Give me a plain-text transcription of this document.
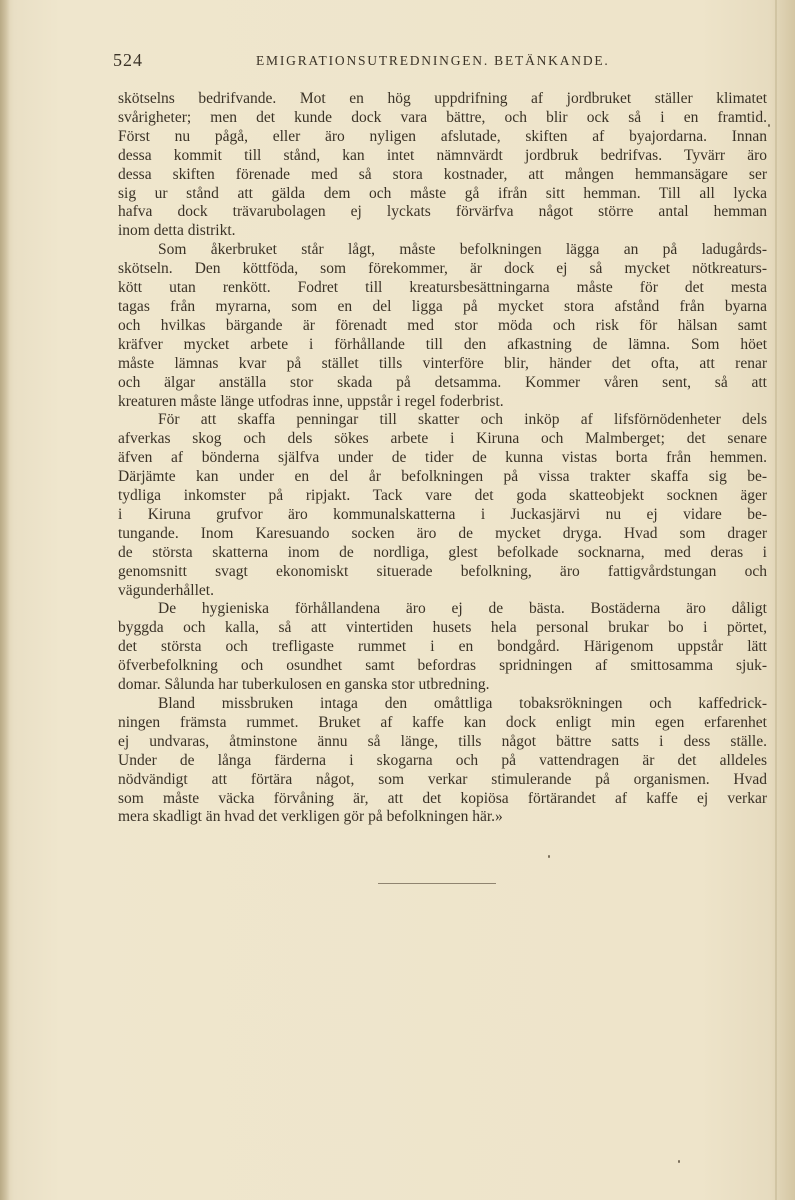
524	EMIGRATIONSUTREDNINGEN. BETÄNKANDE.
skötselns bedrifvande. Mot en hög uppdrifning af jordbruket ställer klimatet
svårigheter; men det kunde dock vara bättre, och blir ock så i en framtid.
Först nu pågå, eller äro nyligen afslutade, skiften af byajordarna. Innan
dessa kommit till stånd, kan intet nämnvärdt jordbruk bedrifvas. Tyvärr äro
dessa skiften förenade med så stora kostnader, att mången hemmansägare ser
sig ur stånd att gälda dem och måste gå ifrån sitt hemman. Till all lycka
hafva dock trävarubolagen ej lyckats förvärfva något större antal hemman
inom detta distrikt.
Som åkerbruket står lågt, måste befolkningen lägga an på ladugårds-
skötseln. Den köttföda, som förekommer, är dock ej så mycket nötkreaturs-
kött utan renkött. Fodret till kreatursbesättningarna måste för det mesta
tagas från myrarna, som en del ligga på mycket stora afstånd från byarna
och hvilkas bärgande är förenadt med stor möda och risk för hälsan samt
kräfver mycket arbete i förhållande till den afkastning de lämna. Som höet
måste lämnas kvar på stället tills vinterföre blir, händer det ofta, att renar
och älgar anställa stor skada på detsamma. Kommer våren sent, så att
kreaturen måste länge utfodras inne, uppstår i regel foderbrist.
För att skaffa penningar till skatter och inköp af lifsförnödenheter dels
afverkas skog och dels sökes arbete i Kiruna och Malmberget; det senare
äfven af bönderna själfva under de tider de kunna vistas borta från hemmen.
Därjämte kan under en del år befolkningen på vissa trakter skaffa sig be-
tydliga inkomster på ripjakt. Tack vare det goda skatteobjekt socknen äger
i Kiruna grufvor äro kommunalskatterna i Juckasjärvi nu ej vidare be-
tungande. Inom Karesuando socken äro de mycket dryga. Hvad som drager
de största skatterna inom de nordliga, glest befolkade socknarna, med deras i
genomsnitt svagt ekonomiskt situerade befolkning, äro fattigvårdstungan och
vägunderhållet.
De hygieniska förhållandena äro ej de bästa. Bostäderna äro dåligt
byggda och kalla, så att vintertiden husets hela personal brukar bo i pörtet,
det största och trefligaste rummet i en bondgård. Härigenom uppstår lätt
öfverbefolkning och osundhet samt befordras spridningen af smittosamma sjuk-
domar. Sålunda har tuberkulosen en ganska stor utbredning.
Bland missbruken intaga den omåttliga tobaksrökningen och kaffedrick-
ningen främsta rummet. Bruket af kaffe kan dock enligt min egen erfarenhet
ej undvaras, åtminstone ännu så länge, tills något bättre satts i dess ställe.
Under de långa färderna i skogarna och på vattendragen är det alldeles
nödvändigt att förtära något, som verkar stimulerande på organismen. Hvad
som måste väcka förvåning är, att det kopiösa förtärandet af kaffe ej verkar
mera skadligt än hvad det verkligen gör på befolkningen här.»
